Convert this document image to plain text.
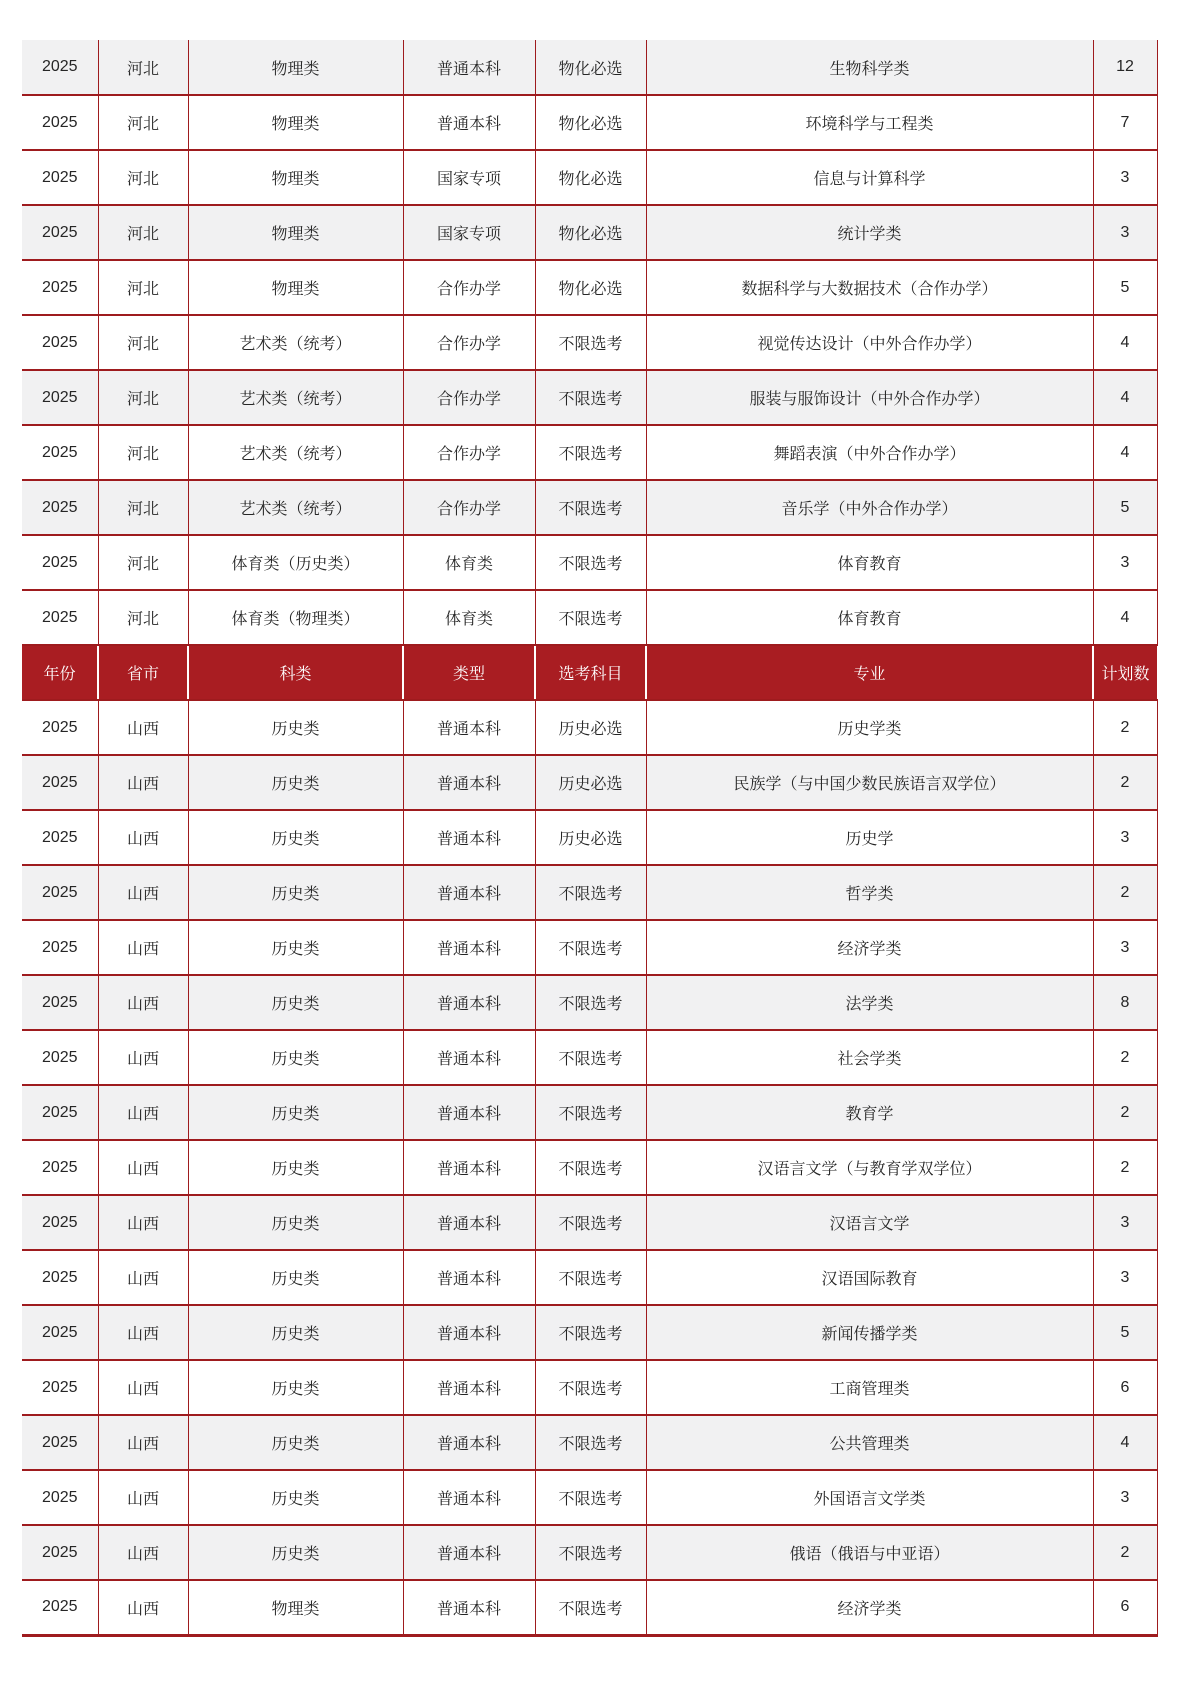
2025	河北	物理类	普通本科	物化必选	生物科学类	12
2025	河北	物理类	普通本科	物化必选	环境科学与工程类	7
2025	河北	物理类	国家专项	物化必选	信息与计算科学	3
2025	河北	物理类	国家专项	物化必选	统计学类	3
2025	河北	物理类	合作办学	物化必选	数据科学与大数据技术（合作办学）	5
2025	河北	艺术类（统考）	合作办学	不限选考	视觉传达设计（中外合作办学）	4
2025	河北	艺术类（统考）	合作办学	不限选考	服装与服饰设计（中外合作办学）	4
2025	河北	艺术类（统考）	合作办学	不限选考	舞蹈表演（中外合作办学）	4
2025	河北	艺术类（统考）	合作办学	不限选考	音乐学（中外合作办学）	5
2025	河北	体育类（历史类）	体育类	不限选考	体育教育	3
2025	河北	体育类（物理类）	体育类	不限选考	体育教育	4
年份	省市	科类	类型	选考科目	专业	计划数
2025	山西	历史类	普通本科	历史必选	历史学类	2
2025	山西	历史类	普通本科	历史必选	民族学（与中国少数民族语言双学位）	2
2025	山西	历史类	普通本科	历史必选	历史学	3
2025	山西	历史类	普通本科	不限选考	哲学类	2
2025	山西	历史类	普通本科	不限选考	经济学类	3
2025	山西	历史类	普通本科	不限选考	法学类	8
2025	山西	历史类	普通本科	不限选考	社会学类	2
2025	山西	历史类	普通本科	不限选考	教育学	2
2025	山西	历史类	普通本科	不限选考	汉语言文学（与教育学双学位）	2
2025	山西	历史类	普通本科	不限选考	汉语言文学	3
2025	山西	历史类	普通本科	不限选考	汉语国际教育	3
2025	山西	历史类	普通本科	不限选考	新闻传播学类	5
2025	山西	历史类	普通本科	不限选考	工商管理类	6
2025	山西	历史类	普通本科	不限选考	公共管理类	4
2025	山西	历史类	普通本科	不限选考	外国语言文学类	3
2025	山西	历史类	普通本科	不限选考	俄语（俄语与中亚语）	2
2025	山西	物理类	普通本科	不限选考	经济学类	6
